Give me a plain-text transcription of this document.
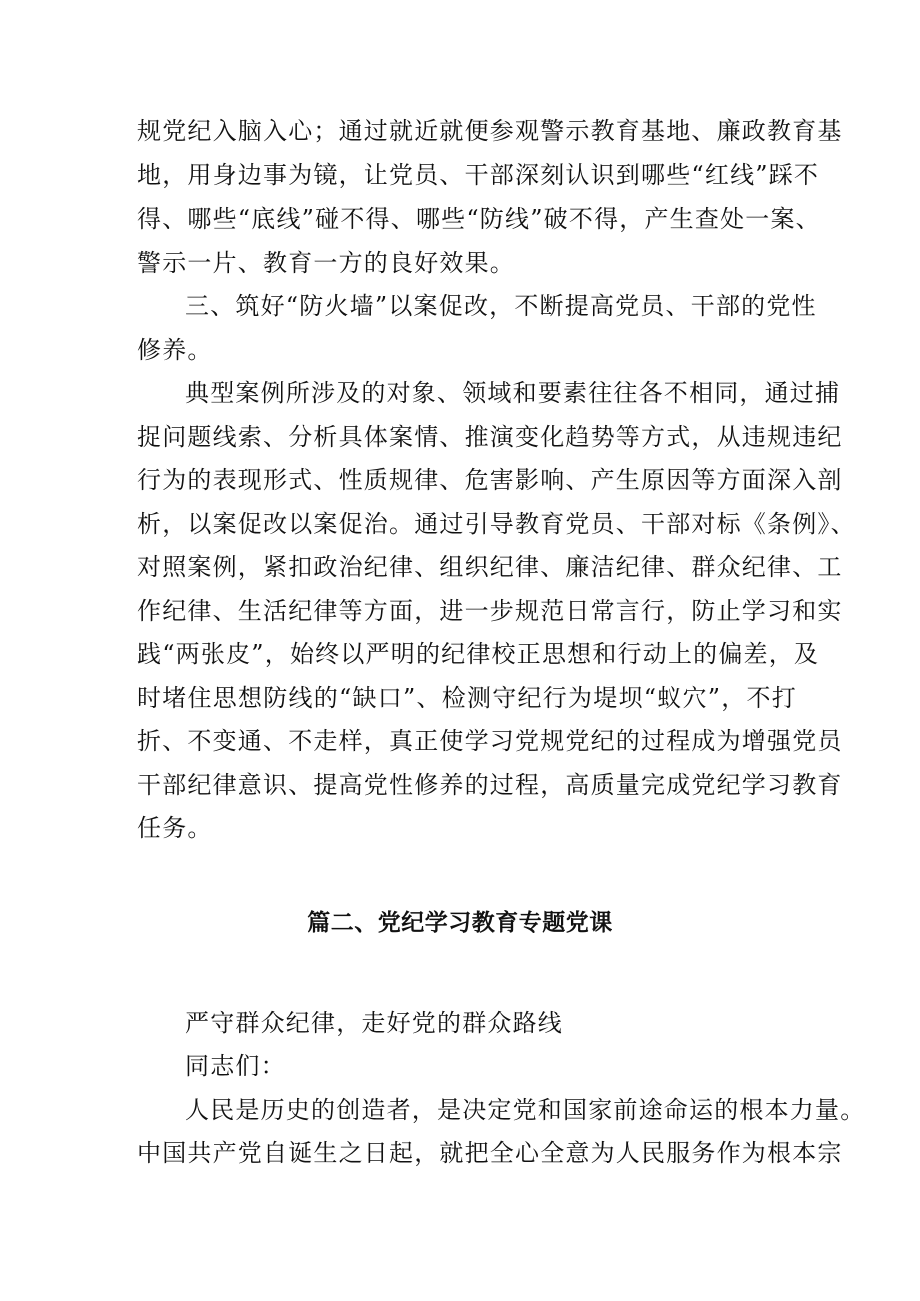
规党纪入脑入心；通过就近就便参观警示教育基地、廉政教育基
地，用身边事为镜，让党员、干部深刻认识到哪些“红线”踩不
得、哪些“底线”碰不得、哪些“防线”破不得，产生查处一案、
警示一片、教育一方的良好效果。
三、筑好“防火墙”以案促改，不断提高党员、干部的党性
修养。
典型案例所涉及的对象、领域和要素往往各不相同，通过捕
捉问题线索、分析具体案情、推演变化趋势等方式，从违规违纪
行为的表现形式、性质规律、危害影响、产生原因等方面深入剖
析，以案促改以案促治。通过引导教育党员、干部对标《条例》、
对照案例，紧扣政治纪律、组织纪律、廉洁纪律、群众纪律、工
作纪律、生活纪律等方面，进一步规范日常言行，防止学习和实
践“两张皮”，始终以严明的纪律校正思想和行动上的偏差，及
时堵住思想防线的“缺口”、检测守纪行为堤坝“蚁穴”，不打
折、不变通、不走样，真正使学习党规党纪的过程成为增强党员
干部纪律意识、提高党性修养的过程，高质量完成党纪学习教育
任务。
篇二、党纪学习教育专题党课
严守群众纪律，走好党的群众路线
同志们：
人民是历史的创造者，是决定党和国家前途命运的根本力量。
中国共产党自诞生之日起，就把全心全意为人民服务作为根本宗
